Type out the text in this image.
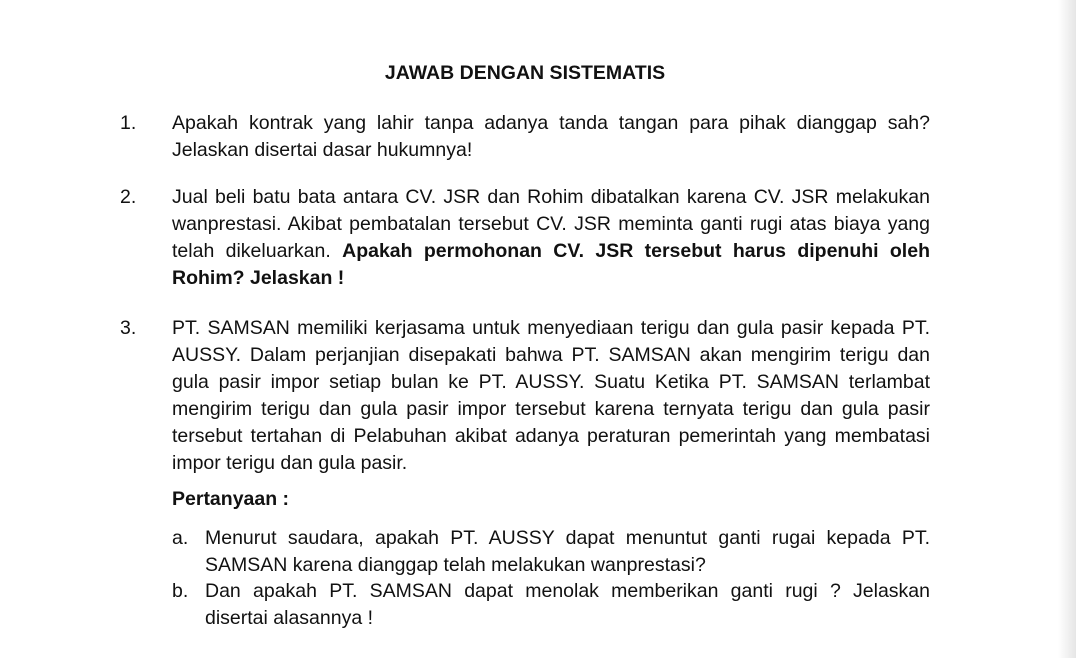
JAWAB DENGAN SISTEMATIS
1.	Apakah kontrak yang lahir tanpa adanya tanda tangan para pihak dianggap sah? Jelaskan disertai dasar hukumnya!
2.	Jual beli batu bata antara CV. JSR dan Rohim dibatalkan karena CV. JSR melakukan wanprestasi. Akibat pembatalan tersebut CV. JSR meminta ganti rugi atas biaya yang telah dikeluarkan. Apakah permohonan CV. JSR tersebut harus dipenuhi oleh Rohim? Jelaskan !
3.	PT. SAMSAN memiliki kerjasama untuk menyediaan terigu dan gula pasir kepada PT. AUSSY. Dalam perjanjian disepakati bahwa PT. SAMSAN akan mengirim terigu dan gula pasir impor setiap bulan ke PT. AUSSY. Suatu Ketika PT. SAMSAN terlambat mengirim terigu dan gula pasir impor tersebut karena ternyata terigu dan gula pasir tersebut tertahan di Pelabuhan akibat adanya peraturan pemerintah yang membatasi impor terigu dan gula pasir.
Pertanyaan :
a. Menurut saudara, apakah PT. AUSSY dapat menuntut ganti rugai kepada PT. SAMSAN karena dianggap telah melakukan wanprestasi?
b. Dan apakah PT. SAMSAN dapat menolak memberikan ganti rugi ? Jelaskan disertai alasannya !
